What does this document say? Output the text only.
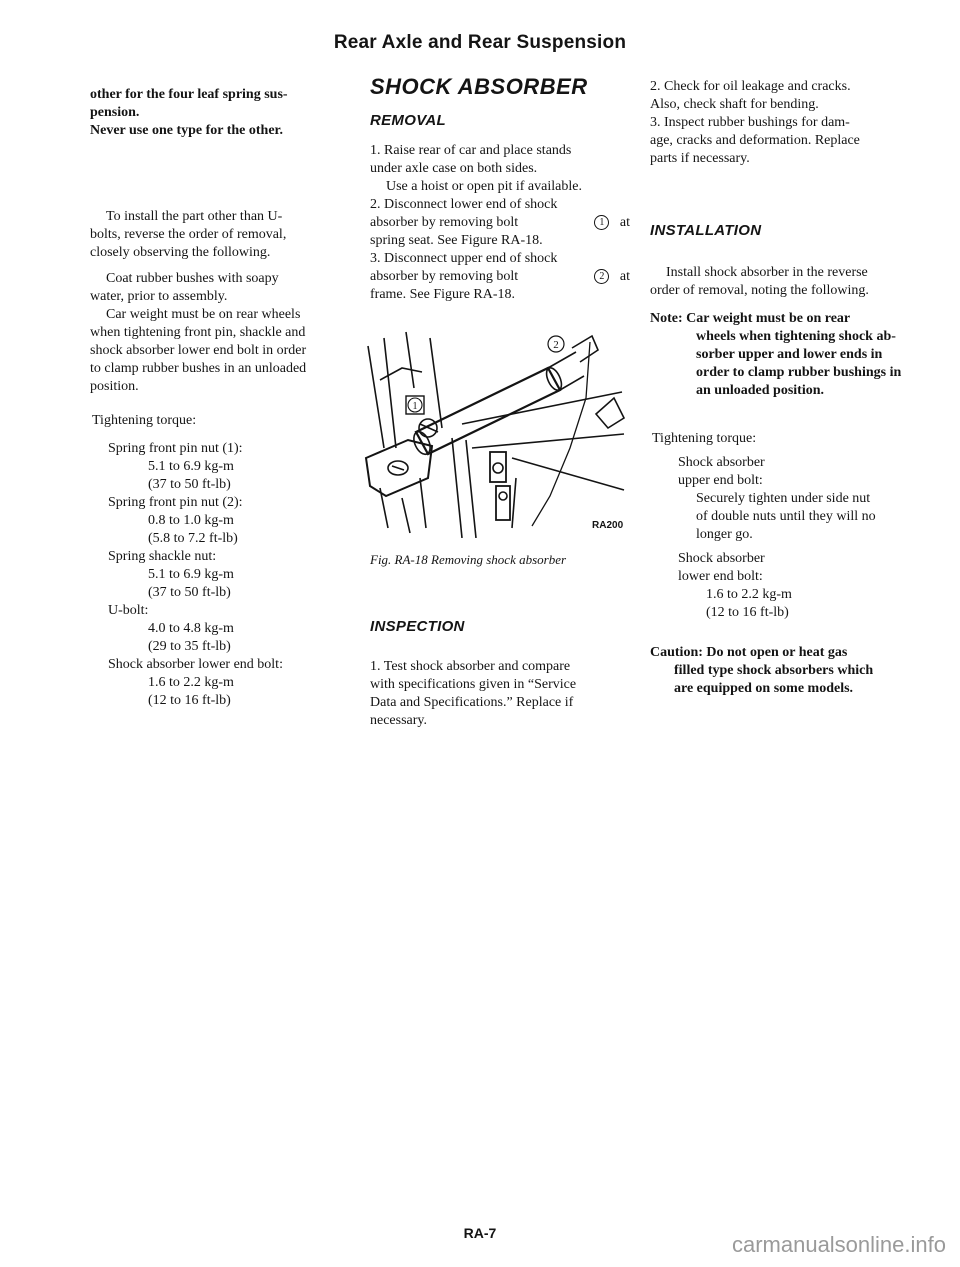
Rear Axle and Rear Suspension

other for the four leaf spring sus-

pension.

Never use one type for the other.

To install the part other than U-

bolts, reverse the order of removal,

closely observing the following.

Coat rubber bushes with soapy

water, prior to assembly.

Car weight must be on rear wheels

when tightening front pin, shackle and

shock absorber lower end bolt in order

to clamp rubber bushes in an unloaded

position.

Tightening torque:

Spring front pin nut (1):

5.1 to 6.9 kg-m

(37 to 50 ft-lb)

Spring front pin nut (2):

0.8 to 1.0 kg-m

(5.8 to 7.2 ft-lb)

Spring shackle nut:

5.1 to 6.9 kg-m

(37 to 50 ft-lb)

U-bolt:

4.0 to 4.8 kg-m

(29 to 35 ft-lb)

Shock absorber lower end bolt:

1.6 to 2.2 kg-m

(12 to 16 ft-lb)

SHOCK ABSORBER

REMOVAL

1. Raise rear of car and place stands

under axle case on both sides.

Use a hoist or open pit if available.

2. Disconnect lower end of shock

absorber by removing bolt	1 at

spring seat. See Figure RA-18.

3. Disconnect upper end of shock

absorber by removing bolt	2 at

frame. See Figure RA-18.

1
2
RA200
Fig. RA-18 Removing shock absorber

INSPECTION

1. Test shock absorber and compare

with specifications given in “Service

Data and Specifications.” Replace if

necessary.

2. Check for oil leakage and cracks.

Also, check shaft for bending.

3. Inspect rubber bushings for dam-

age, cracks and deformation. Replace

parts if necessary.

INSTALLATION

Install shock absorber in the reverse

order of removal, noting the following.

Note: Car weight must be on rear

wheels when tightening shock ab-

sorber upper and lower ends in

order to clamp rubber bushings in

an unloaded position.

Tightening torque:

Shock absorber

upper end bolt:

Securely tighten under side nut

of double nuts until they will no

longer go.

Shock absorber

lower end bolt:

1.6 to 2.2 kg-m

(12 to 16 ft-lb)

Caution: Do not open or heat gas

filled type shock absorbers which

are equipped on some models.

RA-7	carmanualsonline.info
